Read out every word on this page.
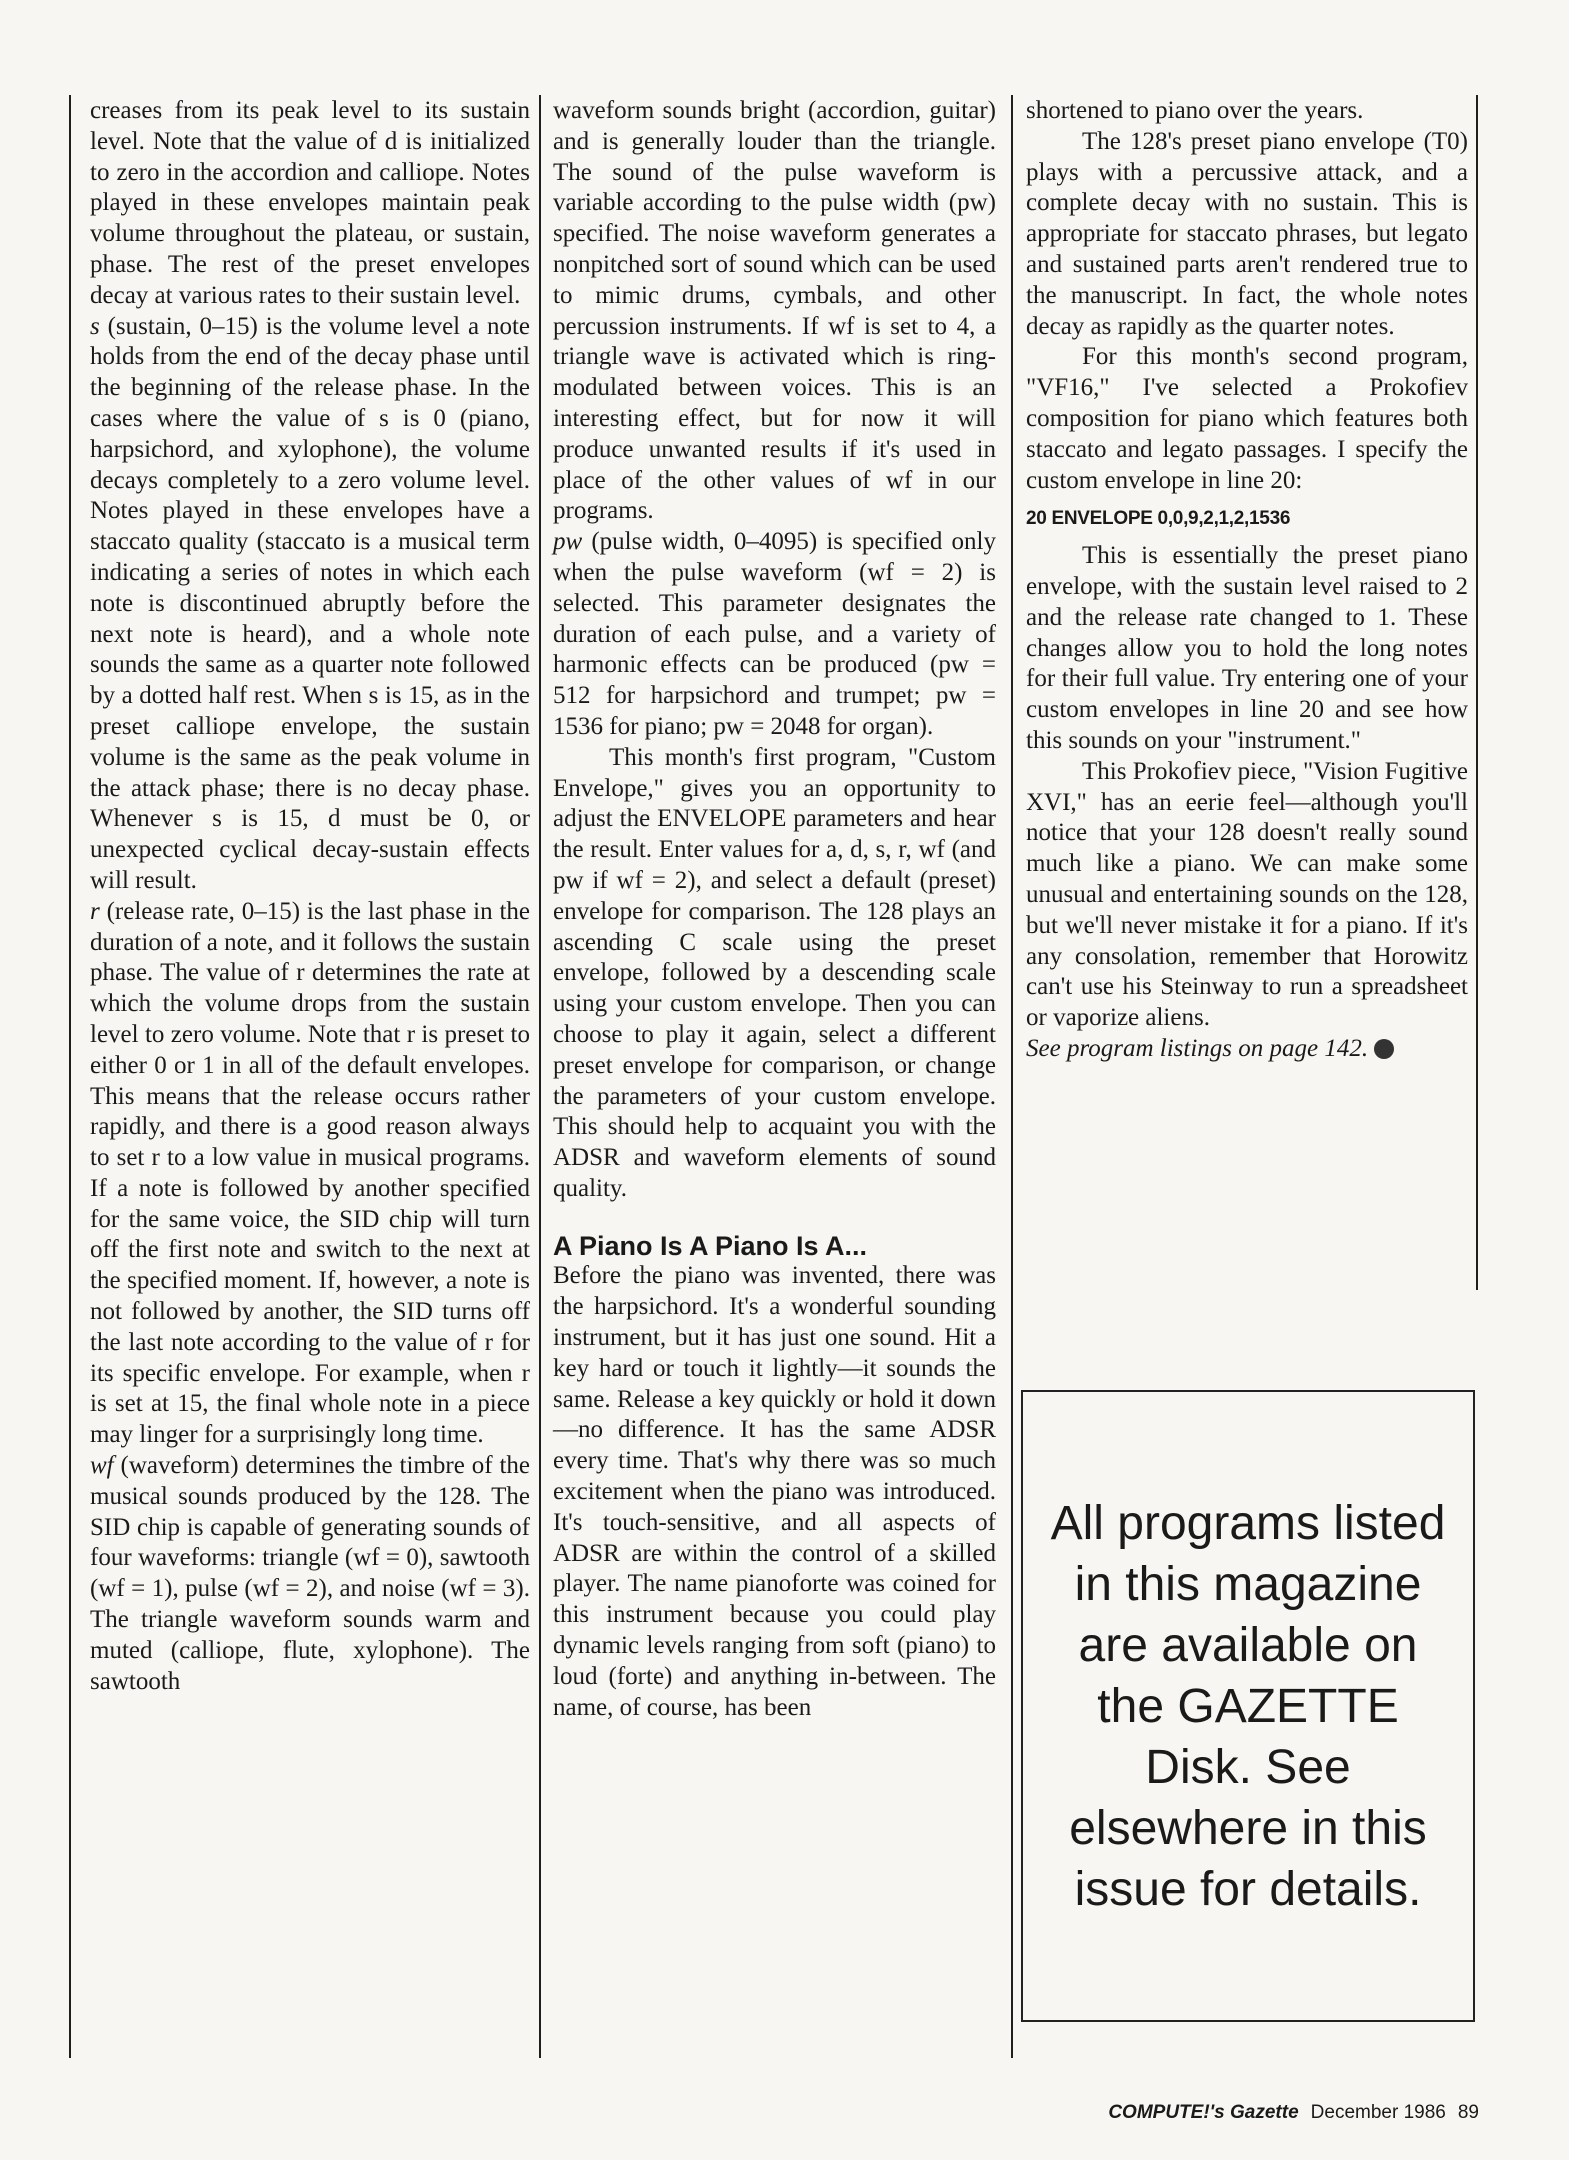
creases from its peak level to its sustain level. Note that the value of d is initialized to zero in the accordion and calliope. Notes played in these envelopes maintain peak volume throughout the plateau, or sustain, phase. The rest of the preset envelopes decay at various rates to their sustain level.

s (sustain, 0–15) is the volume level a note holds from the end of the decay phase until the beginning of the release phase. In the cases where the value of s is 0 (piano, harpsichord, and xylophone), the volume decays completely to a zero volume level. Notes played in these envelopes have a staccato quality (staccato is a musical term indicating a series of notes in which each note is discontinued abruptly before the next note is heard), and a whole note sounds the same as a quarter note followed by a dotted half rest. When s is 15, as in the preset calliope envelope, the sustain volume is the same as the peak volume in the attack phase; there is no decay phase. Whenever s is 15, d must be 0, or unexpected cyclical decay-sustain effects will result.

r (release rate, 0–15) is the last phase in the duration of a note, and it follows the sustain phase. The value of r determines the rate at which the volume drops from the sustain level to zero volume. Note that r is preset to either 0 or 1 in all of the default envelopes. This means that the release occurs rather rapidly, and there is a good reason always to set r to a low value in musical programs. If a note is followed by another specified for the same voice, the SID chip will turn off the first note and switch to the next at the specified moment. If, however, a note is not followed by another, the SID turns off the last note according to the value of r for its specific envelope. For example, when r is set at 15, the final whole note in a piece may linger for a surprisingly long time.

wf (waveform) determines the timbre of the musical sounds produced by the 128. The SID chip is capable of generating sounds of four waveforms: triangle (wf = 0), sawtooth (wf = 1), pulse (wf = 2), and noise (wf = 3). The triangle waveform sounds warm and muted (calliope, flute, xylophone). The sawtooth

waveform sounds bright (accordion, guitar) and is generally louder than the triangle. The sound of the pulse waveform is variable according to the pulse width (pw) specified. The noise waveform generates a nonpitched sort of sound which can be used to mimic drums, cymbals, and other percussion instruments. If wf is set to 4, a triangle wave is activated which is ring-modulated between voices. This is an interesting effect, but for now it will produce unwanted results if it's used in place of the other values of wf in our programs.

pw (pulse width, 0–4095) is specified only when the pulse waveform (wf = 2) is selected. This parameter designates the duration of each pulse, and a variety of harmonic effects can be produced (pw = 512 for harpsichord and trumpet; pw = 1536 for piano; pw = 2048 for organ).

This month's first program, "Custom Envelope," gives you an opportunity to adjust the ENVELOPE parameters and hear the result. Enter values for a, d, s, r, wf (and pw if wf = 2), and select a default (preset) envelope for comparison. The 128 plays an ascending C scale using the preset envelope, followed by a descending scale using your custom envelope. Then you can choose to play it again, select a different preset envelope for comparison, or change the parameters of your custom envelope. This should help to acquaint you with the ADSR and waveform elements of sound quality.

A Piano Is A Piano Is A...

Before the piano was invented, there was the harpsichord. It's a wonderful sounding instrument, but it has just one sound. Hit a key hard or touch it lightly—it sounds the same. Release a key quickly or hold it down—no difference. It has the same ADSR every time. That's why there was so much excitement when the piano was introduced. It's touch-sensitive, and all aspects of ADSR are within the control of a skilled player. The name pianoforte was coined for this instrument because you could play dynamic levels ranging from soft (piano) to loud (forte) and anything in-between. The name, of course, has been

shortened to piano over the years.

The 128's preset piano envelope (T0) plays with a percussive attack, and a complete decay with no sustain. This is appropriate for staccato phrases, but legato and sustained parts aren't rendered true to the manuscript. In fact, the whole notes decay as rapidly as the quarter notes.

For this month's second program, "VF16," I've selected a Prokofiev composition for piano which features both staccato and legato passages. I specify the custom envelope in line 20:

20 ENVELOPE 0,0,9,2,1,2,1536

This is essentially the preset piano envelope, with the sustain level raised to 2 and the release rate changed to 1. These changes allow you to hold the long notes for their full value. Try entering one of your custom envelopes in line 20 and see how this sounds on your "instrument."

This Prokofiev piece, "Vision Fugitive XVI," has an eerie feel—although you'll notice that your 128 doesn't really sound much like a piano. We can make some unusual and entertaining sounds on the 128, but we'll never mistake it for a piano. If it's any consolation, remember that Horowitz can't use his Steinway to run a spreadsheet or vaporize aliens.

See program listings on page 142.

All programs listed in this magazine are available on the GAZETTE Disk. See elsewhere in this issue for details.
COMPUTE!'s Gazette December 1986 89
